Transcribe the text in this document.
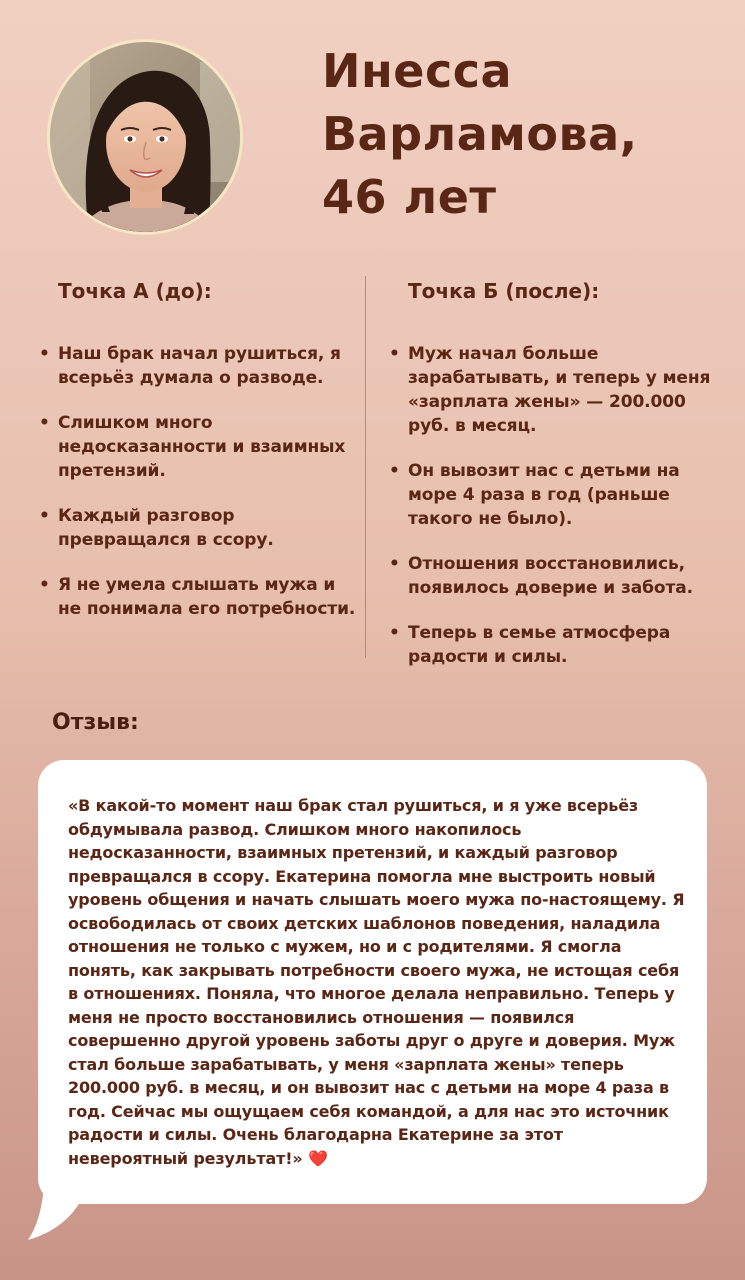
Инесса
Варламова,
46 лет
Точка А (до):
• Наш брак начал рушиться, я всерьёз думала о разводе.
• Слишком много недосказанности и взаимных претензий.
• Каждый разговор превращался в ссору.
• Я не умела слышать мужа и не понимала его потребности.
Точка Б (после):
• Муж начал больше зарабатывать, и теперь у меня «зарплата жены» — 200.000 руб. в месяц.
• Он вывозит нас с детьми на море 4 раза в год (раньше такого не было).
• Отношения восстановились, появилось доверие и забота.
• Теперь в семье атмосфера радости и силы.
Отзыв:
«В какой-то момент наш брак стал рушиться, и я уже всерьёз обдумывала развод. Слишком много накопилось недосказанности, взаимных претензий, и каждый разговор превращался в ссору. Екатерина помогла мне выстроить новый уровень общения и начать слышать моего мужа по-настоящему. Я освободилась от своих детских шаблонов поведения, наладила отношения не только с мужем, но и с родителями. Я смогла понять, как закрывать потребности своего мужа, не истощая себя в отношениях. Поняла, что многое делала неправильно. Теперь у меня не просто восстановились отношения — появился совершенно другой уровень заботы друг о друге и доверия. Муж стал больше зарабатывать, у меня «зарплата жены» теперь 200.000 руб. в месяц, и он вывозит нас с детьми на море 4 раза в год. Сейчас мы ощущаем себя командой, а для нас это источник радости и силы. Очень благодарна Екатерине за этот невероятный результат!» ❤️
